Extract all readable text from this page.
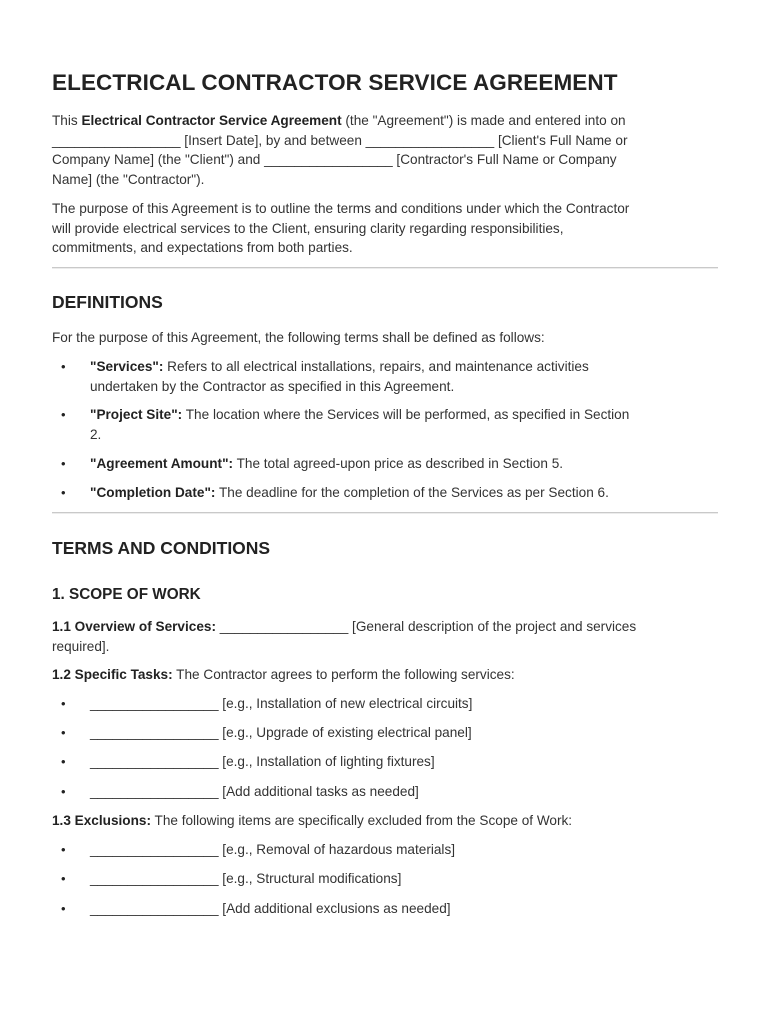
ELECTRICAL CONTRACTOR SERVICE AGREEMENT
This Electrical Contractor Service Agreement (the "Agreement") is made and entered into on
_________________ [Insert Date], by and between _________________ [Client's Full Name or
Company Name] (the "Client") and _________________ [Contractor's Full Name or Company
Name] (the "Contractor").
The purpose of this Agreement is to outline the terms and conditions under which the Contractor
will provide electrical services to the Client, ensuring clarity regarding responsibilities,
commitments, and expectations from both parties.
DEFINITIONS
For the purpose of this Agreement, the following terms shall be defined as follows:
• "Services": Refers to all electrical installations, repairs, and maintenance activities
undertaken by the Contractor as specified in this Agreement.
• "Project Site": The location where the Services will be performed, as specified in Section
2.
• "Agreement Amount": The total agreed-upon price as described in Section 5.
• "Completion Date": The deadline for the completion of the Services as per Section 6.
TERMS AND CONDITIONS
1. SCOPE OF WORK
1.1 Overview of Services: _________________ [General description of the project and services
required].
1.2 Specific Tasks: The Contractor agrees to perform the following services:
• _________________ [e.g., Installation of new electrical circuits]
• _________________ [e.g., Upgrade of existing electrical panel]
• _________________ [e.g., Installation of lighting fixtures]
• _________________ [Add additional tasks as needed]
1.3 Exclusions: The following items are specifically excluded from the Scope of Work:
• _________________ [e.g., Removal of hazardous materials]
• _________________ [e.g., Structural modifications]
• _________________ [Add additional exclusions as needed]
